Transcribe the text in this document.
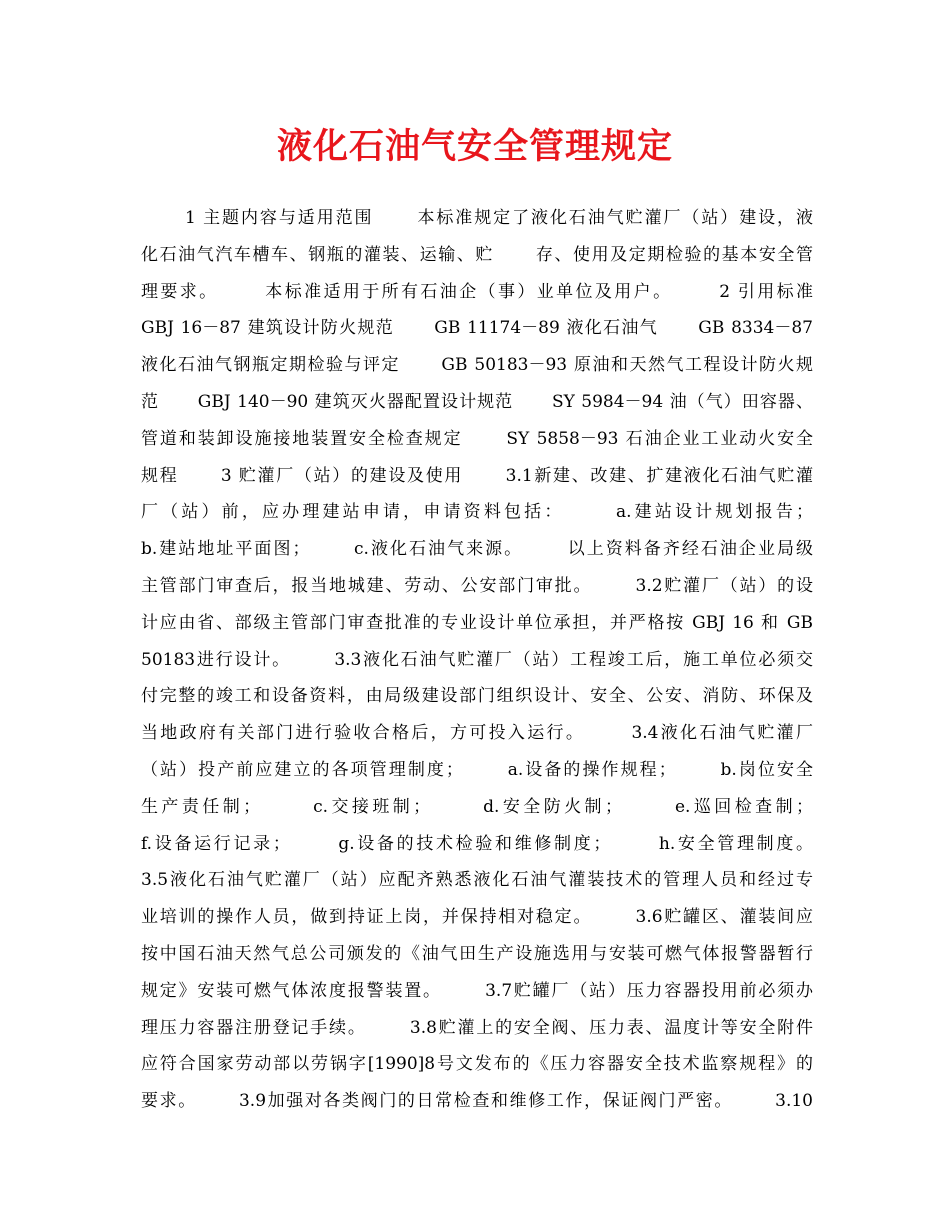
液化石油气安全管理规定
1 主题内容与适用范围      本标准规定了液化石油气贮灌厂（站）建设，液
化石油气汽车槽车、钢瓶的灌装、运输、贮      存、使用及定期检验的基本安全管
理要求。      本标准适用于所有石油企（事）业单位及用户。      2 引用标准
GBJ 16－87 建筑设计防火规范      GB 11174－89 液化石油气      GB 8334－87
液化石油气钢瓶定期检验与评定      GB 50183－93 原油和天然气工程设计防火规
范      GBJ 140－90 建筑灭火器配置设计规范      SY 5984－94 油（气）田容器、
管道和装卸设施接地装置安全检查规定      SY 5858－93 石油企业工业动火安全
规程      3 贮灌厂（站）的建设及使用      3.1新建、改建、扩建液化石油气贮灌
厂（站）前，应办理建站申请，申请资料包括：      a.建站设计规划报告；
b.建站地址平面图；      c.液化石油气来源。      以上资料备齐经石油企业局级
主管部门审查后，报当地城建、劳动、公安部门审批。      3.2贮灌厂（站）的设
计应由省、部级主管部门审查批准的专业设计单位承担，并严格按 GBJ 16 和 GB
50183进行设计。      3.3液化石油气贮灌厂（站）工程竣工后，施工单位必须交
付完整的竣工和设备资料，由局级建设部门组织设计、安全、公安、消防、环保及
当地政府有关部门进行验收合格后，方可投入运行。      3.4液化石油气贮灌厂
（站）投产前应建立的各项管理制度；      a.设备的操作规程；      b.岗位安全
生产责任制；      c.交接班制；      d.安全防火制；      e.巡回检查制；
f.设备运行记录；      g.设备的技术检验和维修制度；      h.安全管理制度。
3.5液化石油气贮灌厂（站）应配齐熟悉液化石油气灌装技术的管理人员和经过专
业培训的操作人员，做到持证上岗，并保持相对稳定。      3.6贮罐区、灌装间应
按中国石油天然气总公司颁发的《油气田生产设施选用与安装可燃气体报警器暂行
规定》安装可燃气体浓度报警装置。      3.7贮罐厂（站）压力容器投用前必须办
理压力容器注册登记手续。      3.8贮灌上的安全阀、压力表、温度计等安全附件
应符合国家劳动部以劳锅字[1990]8号文发布的《压力容器安全技术监察规程》的
要求。      3.9加强对各类阀门的日常检查和维修工作，保证阀门严密。      3.10
